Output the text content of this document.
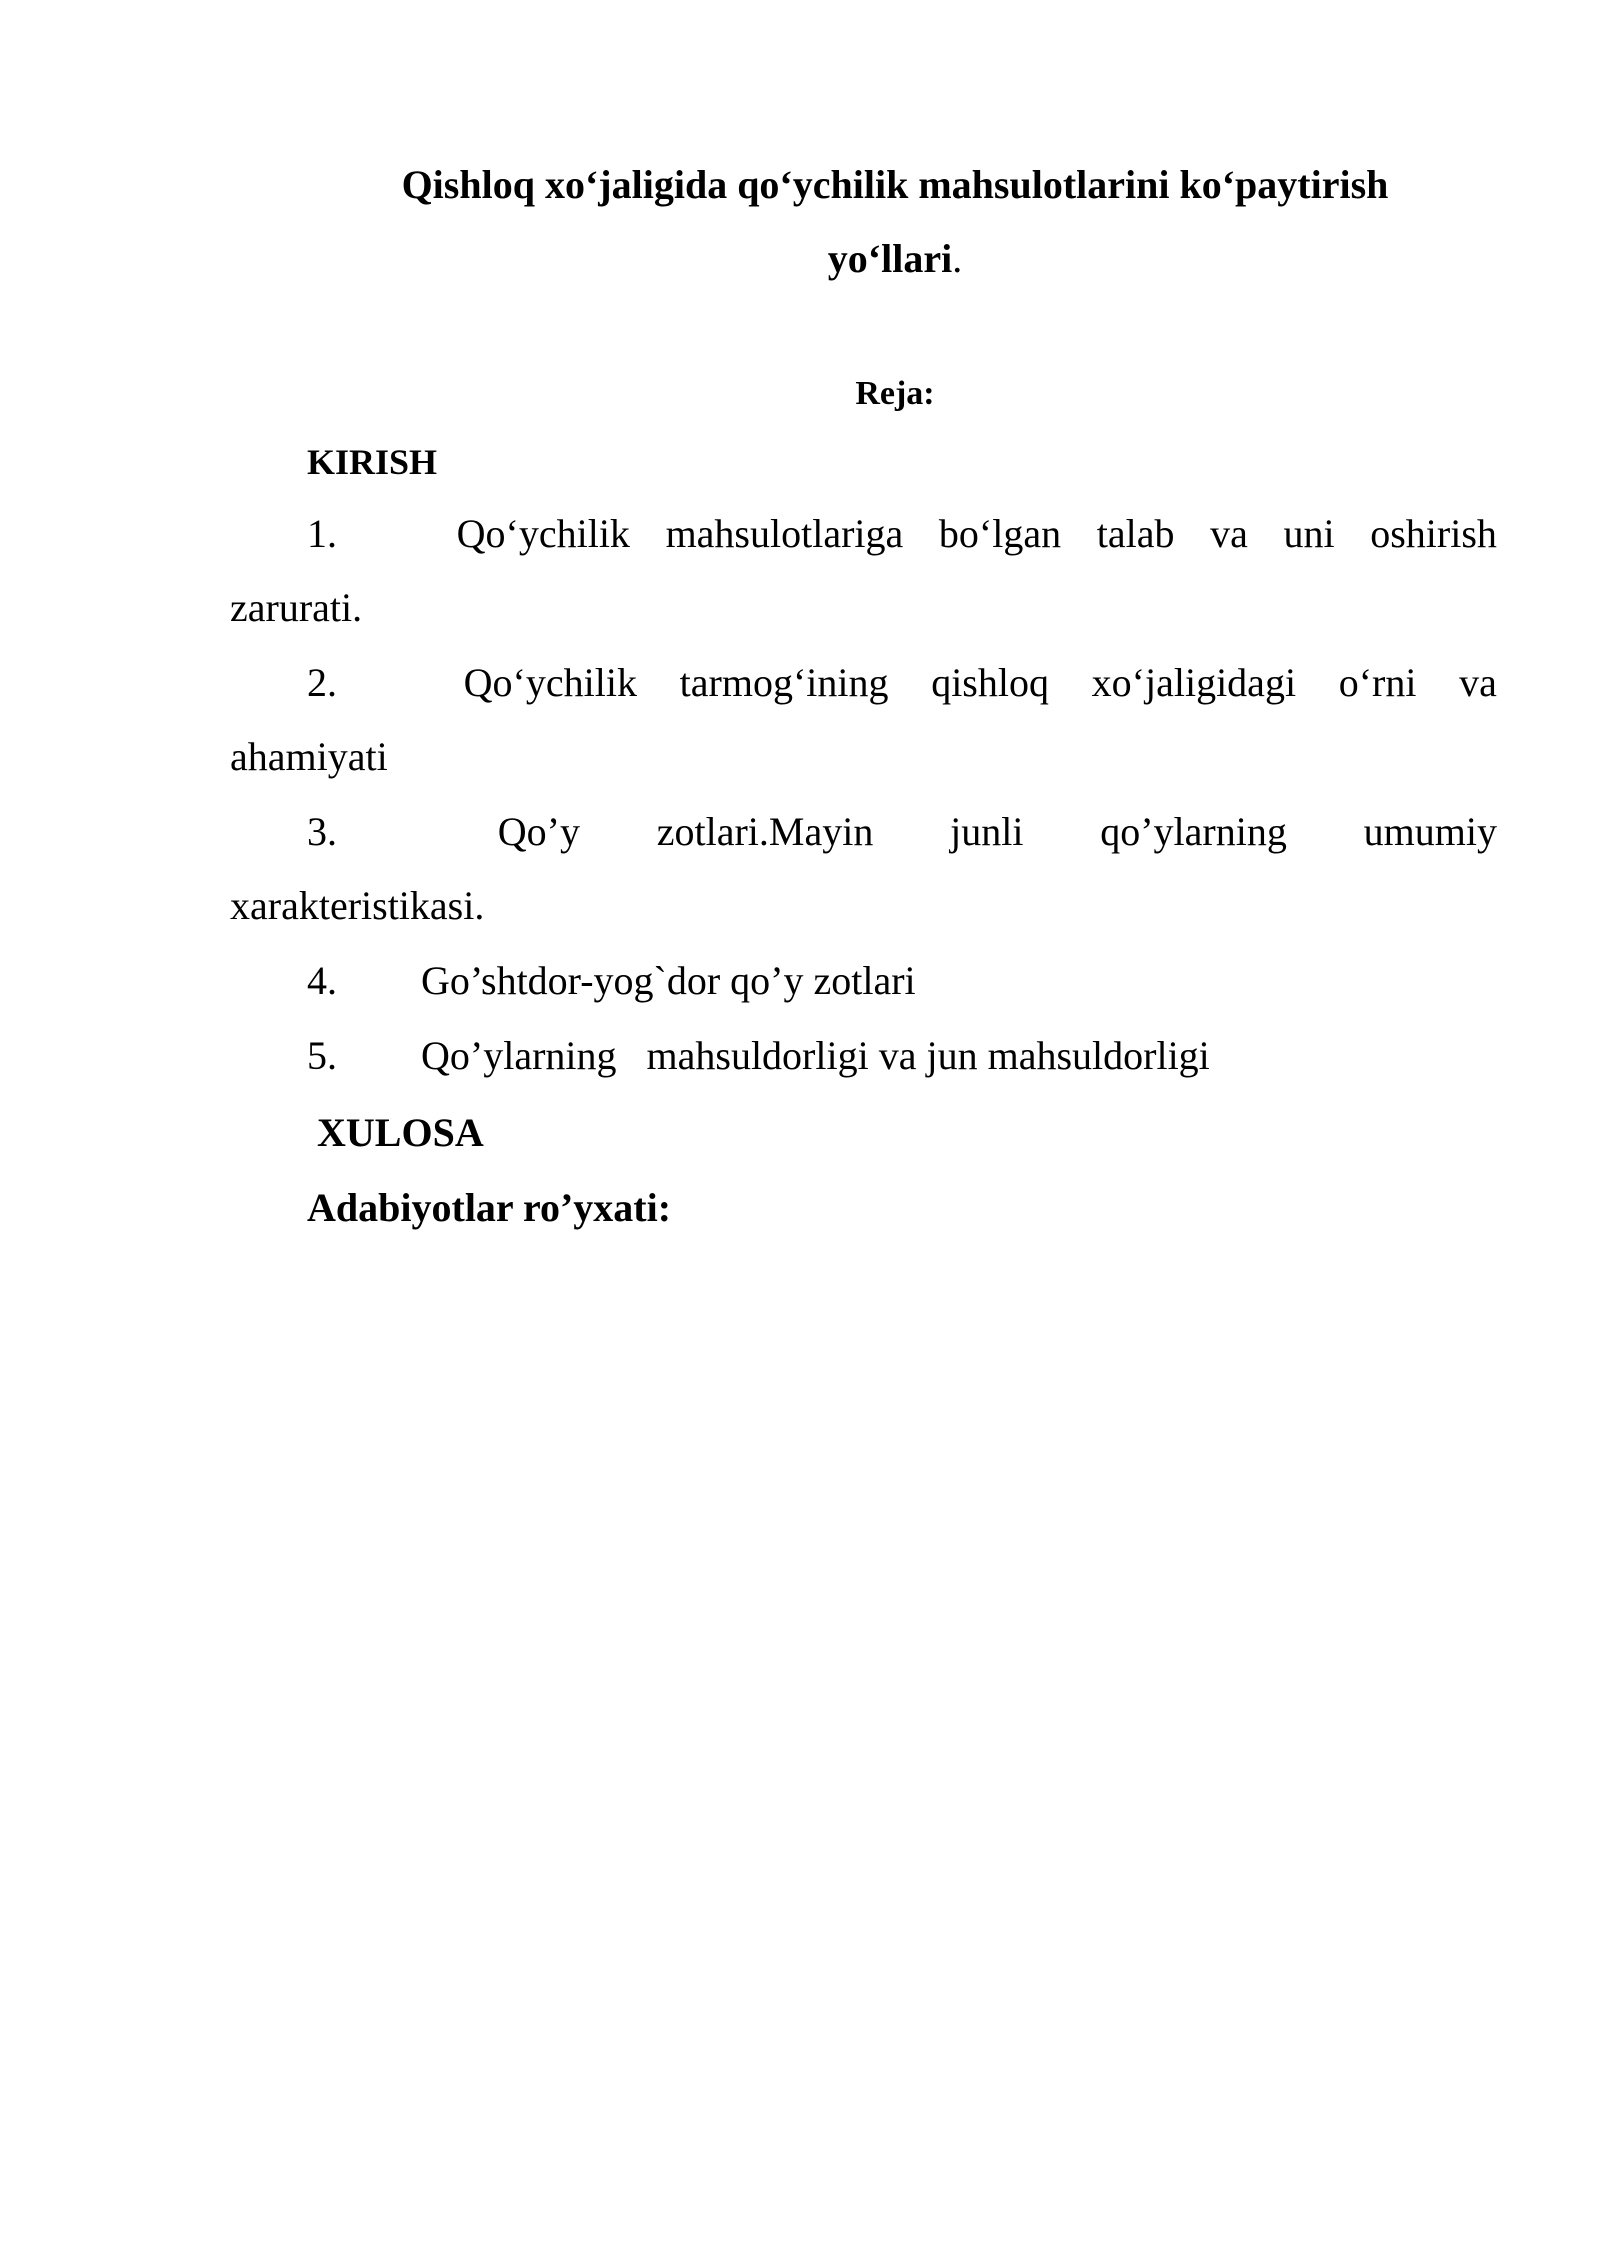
Qishloq xo‘jaligida qo‘ychilik mahsulotlarini ko‘paytirish
yo‘llari.
Reja:
KIRISH
1.	Qo‘ychilik mahsulotlariga bo‘lgan talab va uni oshirish
zarurati.
2.	Qo‘ychilik tarmog‘ining qishloq xo‘jaligidagi o‘rni va
ahamiyati
3.	Qo’y zotlari.Mayin junli qo’ylarning umumiy
xarakteristikasi.
4. Go’shtdor-yog`dor qo’y zotlari
5. Qo’ylarning   mahsuldorligi va jun mahsuldorligi
XULOSA
Adabiyotlar ro’yxati:
